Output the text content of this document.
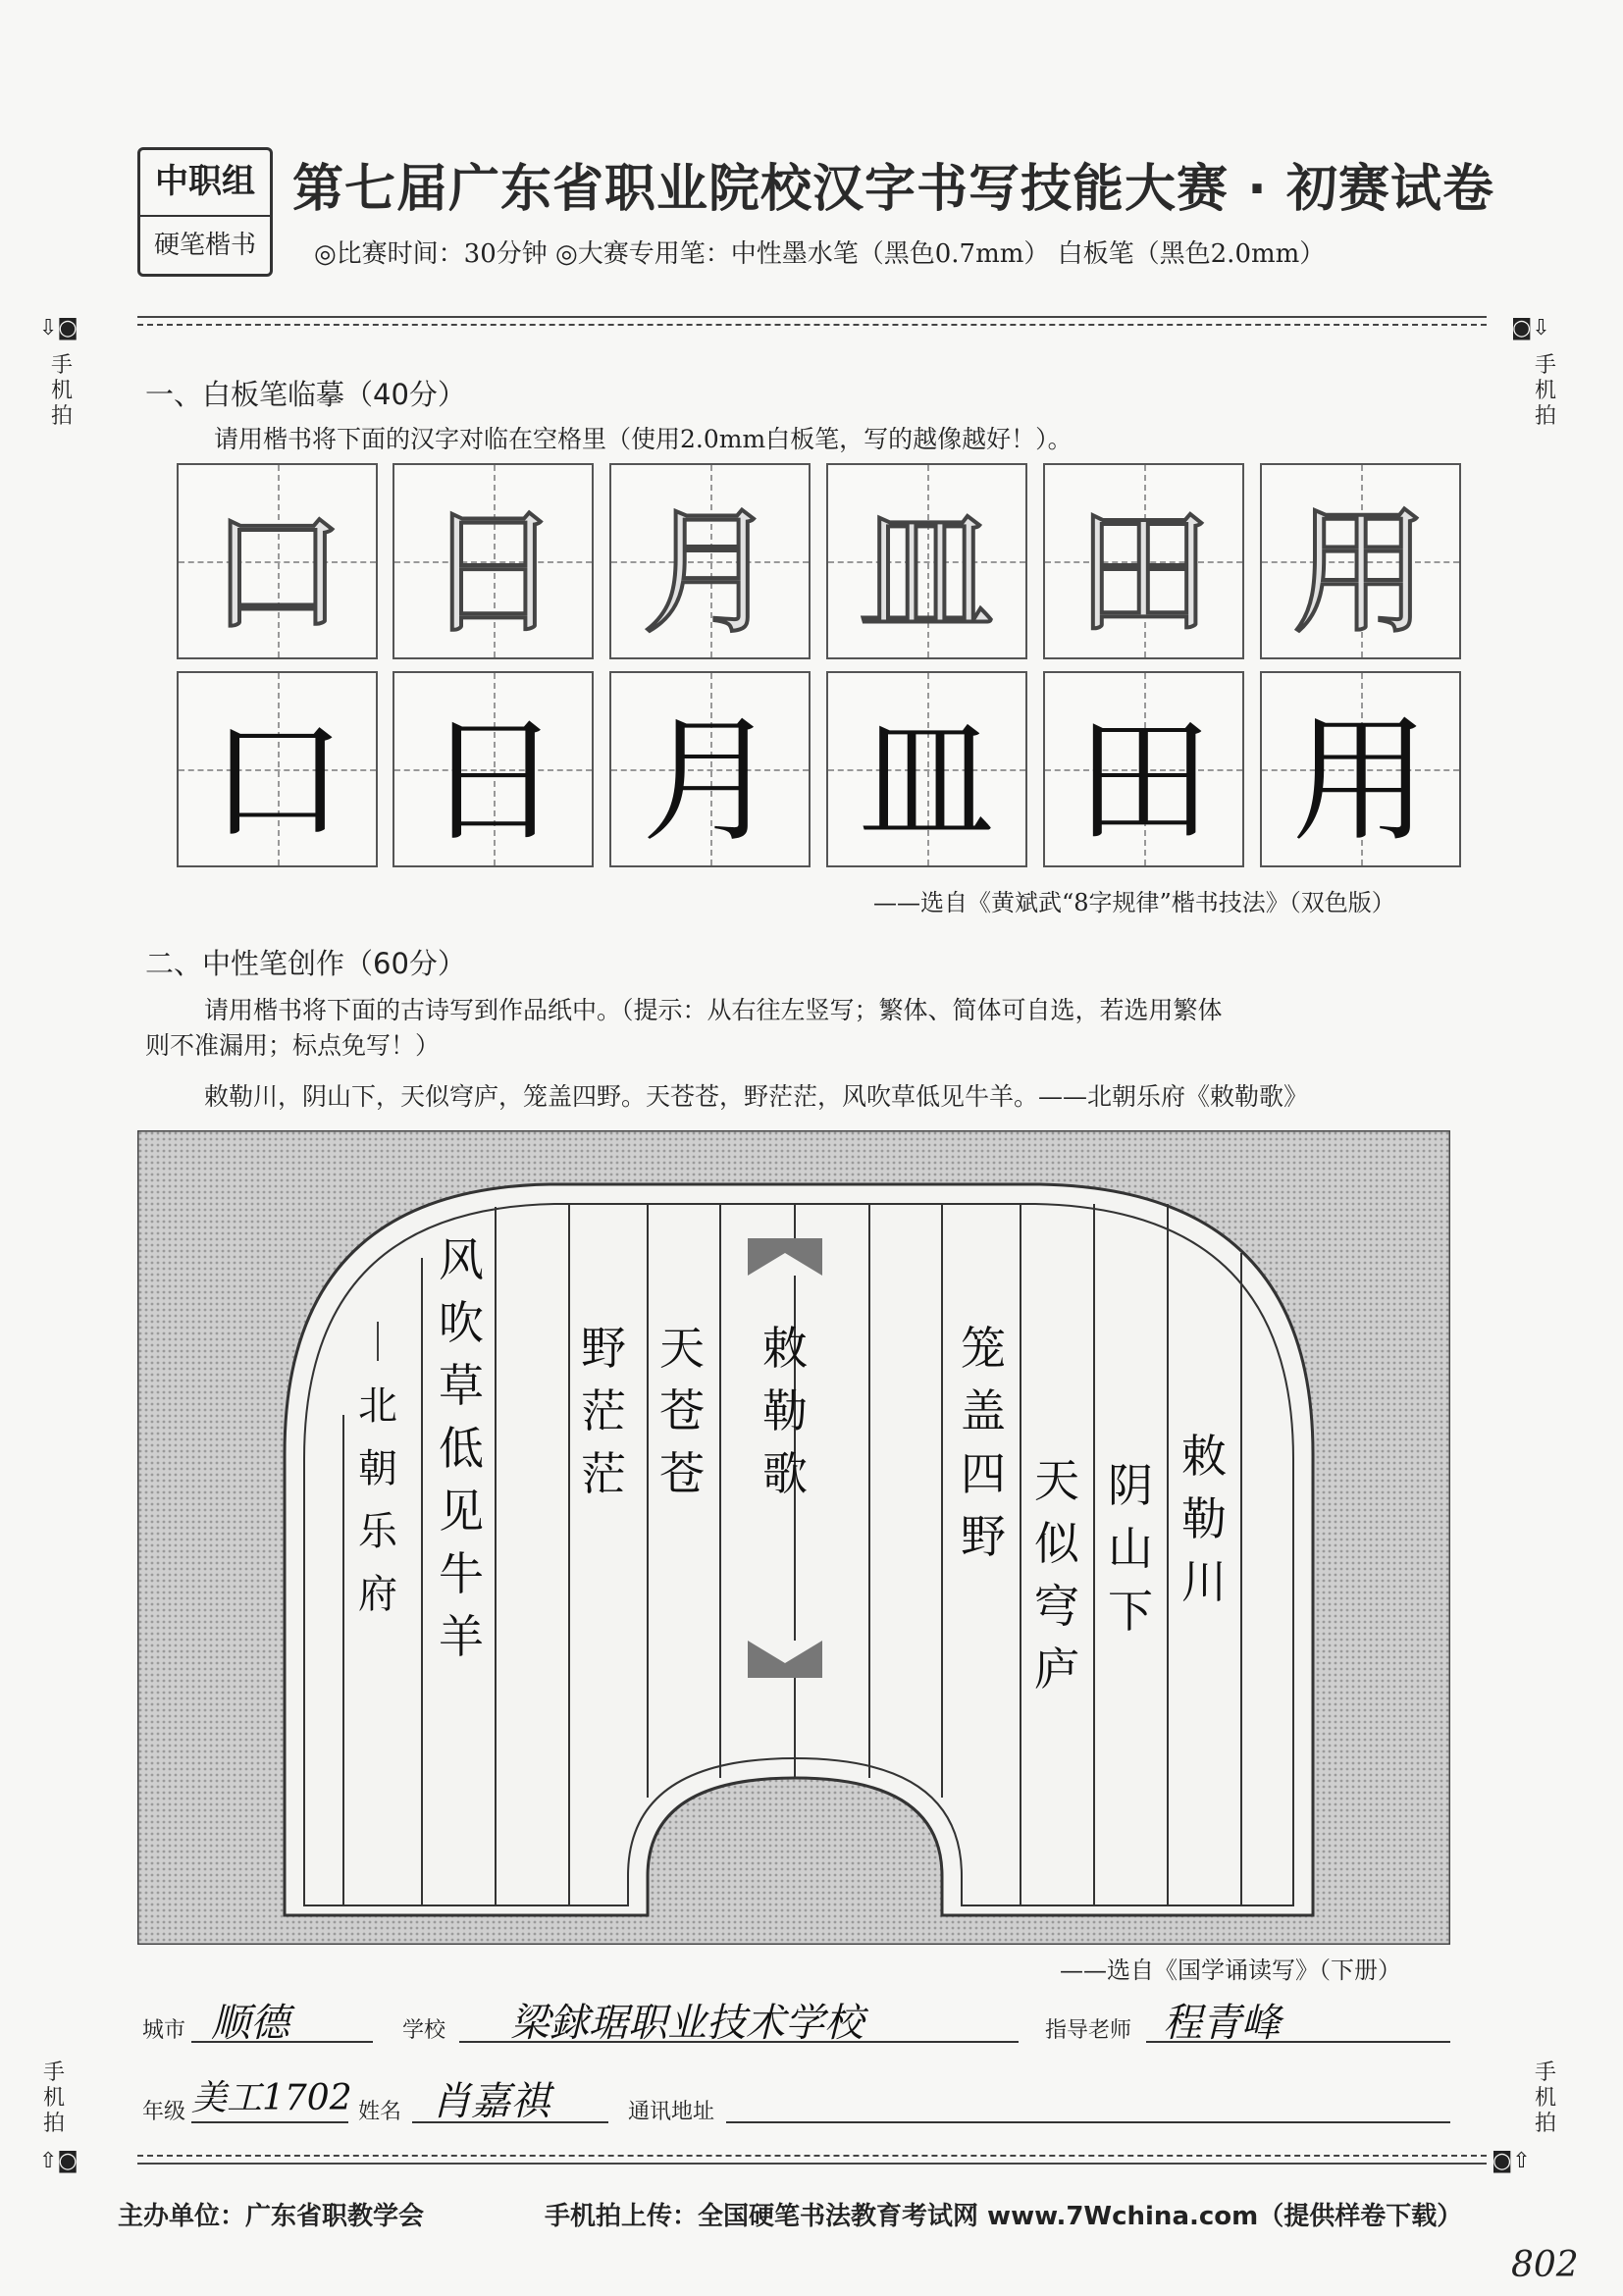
中职组
硬笔楷书
第七届广东省职业院校汉字书写技能大赛 · 初赛试卷
◎比赛时间：30分钟 ◎大赛专用笔：中性墨水笔（黑色0.7mm） 白板笔（黑色2.0mm）
⇩◙
手机拍
◙⇩
手机拍
手机拍
⇧◙
手机拍
◙⇧
一、白板笔临摹（40分）
请用楷书将下面的汉字对临在空格里（使用2.0mm白板笔，写的越像越好！）。
口 日 月 皿 田 用
口 日 月 皿 田 用
——选自《黄斌武“8字规律”楷书技法》（双色版）
二、中性笔创作（60分）
请用楷书将下面的古诗写到作品纸中。（提示：从右往左竖写；繁体、简体可自选，若选用繁体
则不准漏用；标点免写！）
敕勒川，阴山下，天似穹庐，笼盖四野。天苍苍，野茫茫，风吹草低见牛羊。——北朝乐府《敕勒歌》
敕勒川
阴山下
天似穹庐
笼盖四野
敕勒歌
天苍苍
野茫茫
风吹草低见牛羊
｜北朝乐府
——选自《国学诵读写》（下册）
城市 顺德	学校 梁銶琚职业技术学校	指导老师 程青峰
年级 美工1702 姓名 肖嘉祺	通讯地址
主办单位：广东省职教学会	手机拍上传：全国硬笔书法教育考试网 www.7Wchina.com（提供样卷下载）
802
